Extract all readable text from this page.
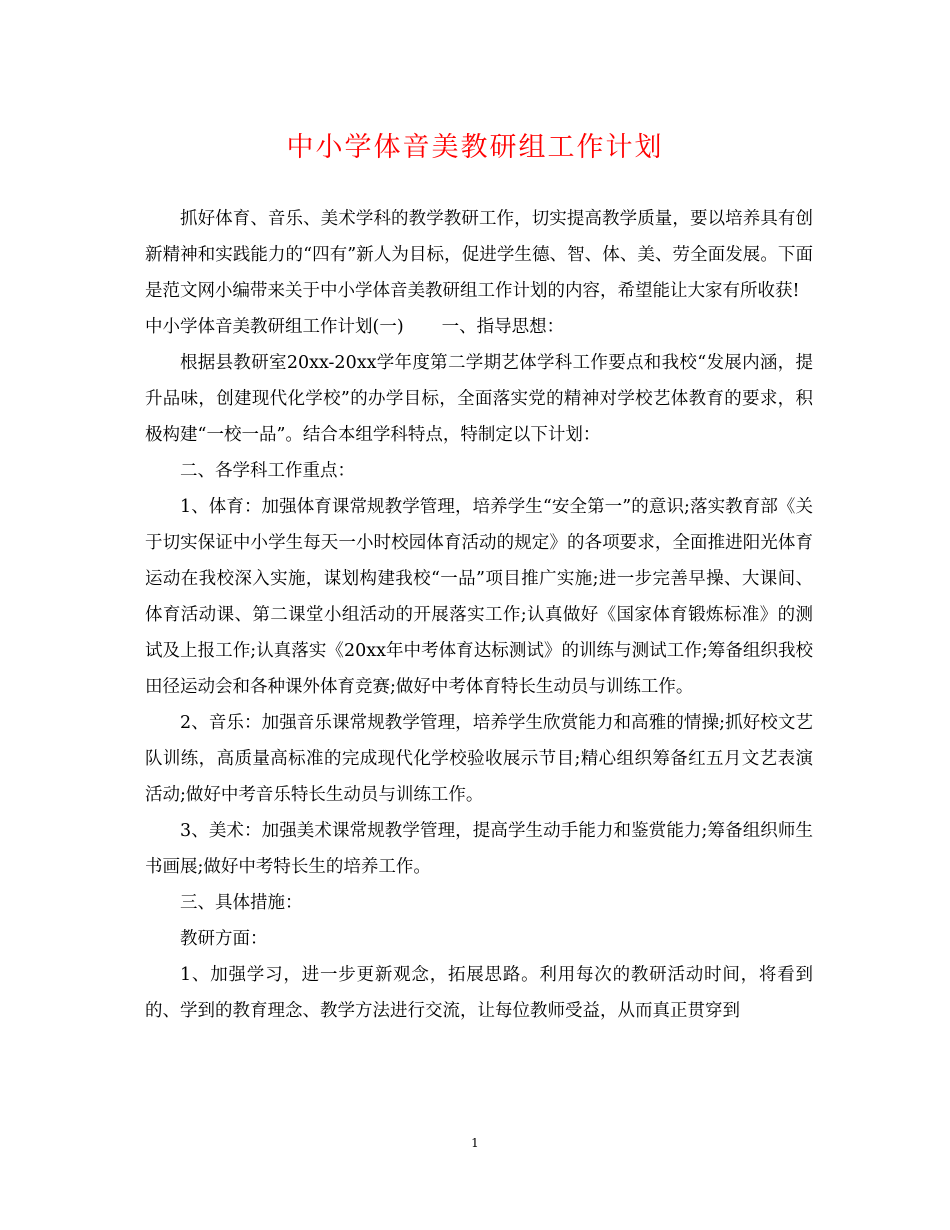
中小学体音美教研组工作计划

抓好体育、音乐、美术学科的教学教研工作，切实提高教学质量，要以培养具有创新精神和实践能力的“四有”新人为目标，促进学生德、智、体、美、劳全面发展。下面是范文网小编带来关于中小学体音美教研组工作计划的内容，希望能让大家有所收获!

中小学体音美教研组工作计划(一) 一、指导思想：

根据县教研室20xx-20xx学年度第二学期艺体学科工作要点和我校“发展内涵，提升品味，创建现代化学校”的办学目标，全面落实党的精神对学校艺体教育的要求，积极构建“一校一品”。结合本组学科特点，特制定以下计划：

二、各学科工作重点：

1、体育：加强体育课常规教学管理，培养学生“安全第一”的意识;落实教育部《关于切实保证中小学生每天一小时校园体育活动的规定》的各项要求，全面推进阳光体育运动在我校深入实施，谋划构建我校“一品”项目推广实施;进一步完善早操、大课间、体育活动课、第二课堂小组活动的开展落实工作;认真做好《国家体育锻炼标准》的测试及上报工作;认真落实《20xx年中考体育达标测试》的训练与测试工作;筹备组织我校田径运动会和各种课外体育竞赛;做好中考体育特长生动员与训练工作。

2、音乐：加强音乐课常规教学管理，培养学生欣赏能力和高雅的情操;抓好校文艺队训练，高质量高标准的完成现代化学校验收展示节目;精心组织筹备红五月文艺表演活动;做好中考音乐特长生动员与训练工作。

3、美术：加强美术课常规教学管理，提高学生动手能力和鉴赏能力;筹备组织师生书画展;做好中考特长生的培养工作。

三、具体措施：

教研方面：

1、加强学习，进一步更新观念，拓展思路。利用每次的教研活动时间，将看到的、学到的教育理念、教学方法进行交流，让每位教师受益，从而真正贯穿到

1
